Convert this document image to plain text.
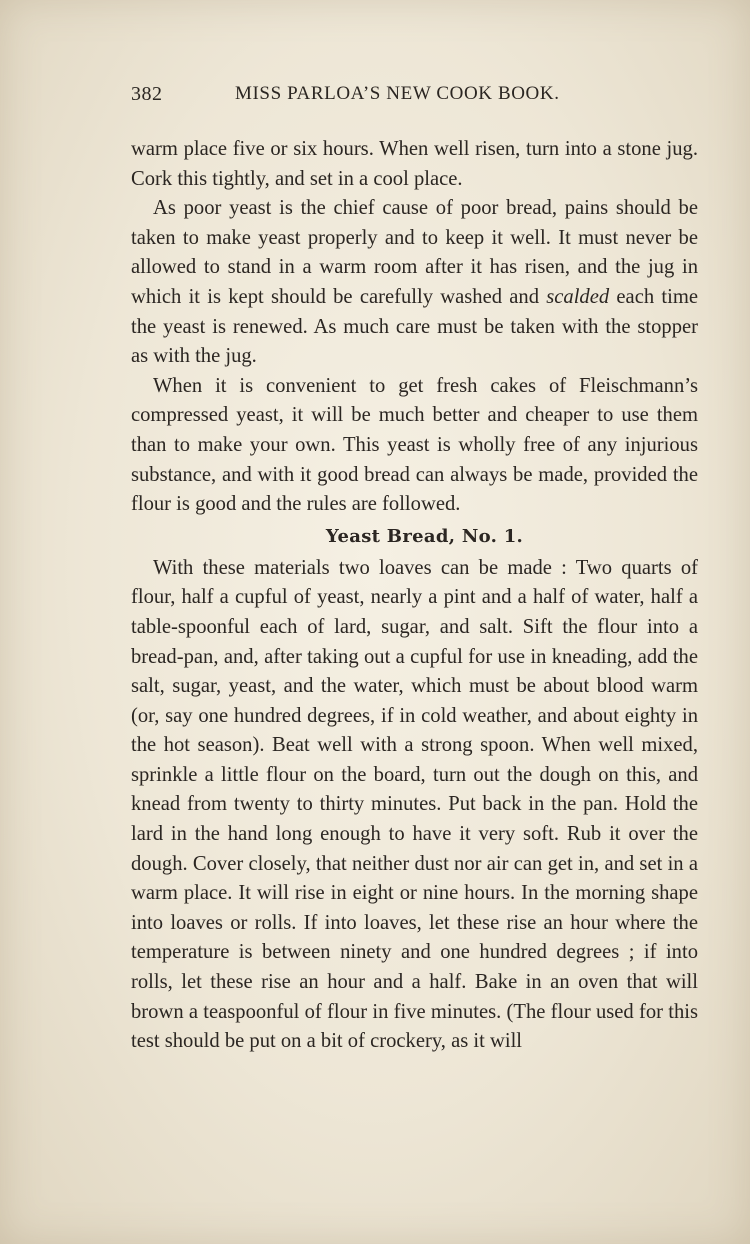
382	MISS PARLOA’S NEW COOK BOOK.

warm place five or six hours. When well risen, turn into a stone jug. Cork this tightly, and set in a cool place.

As poor yeast is the chief cause of poor bread, pains should be taken to make yeast properly and to keep it well. It must never be allowed to stand in a warm room after it has risen, and the jug in which it is kept should be carefully washed and scalded each time the yeast is renewed. As much care must be taken with the stopper as with the jug.

When it is convenient to get fresh cakes of Fleischmann’s compressed yeast, it will be much better and cheaper to use them than to make your own. This yeast is wholly free of any injurious substance, and with it good bread can always be made, provided the flour is good and the rules are followed.

Yeast Bread, No. 1.

With these materials two loaves can be made : Two quarts of flour, half a cupful of yeast, nearly a pint and a half of water, half a table-spoonful each of lard, sugar, and salt. Sift the flour into a bread-pan, and, after taking out a cupful for use in kneading, add the salt, sugar, yeast, and the water, which must be about blood warm (or, say one hundred degrees, if in cold weather, and about eighty in the hot season). Beat well with a strong spoon. When well mixed, sprinkle a little flour on the board, turn out the dough on this, and knead from twenty to thirty minutes. Put back in the pan. Hold the lard in the hand long enough to have it very soft. Rub it over the dough. Cover closely, that neither dust nor air can get in, and set in a warm place. It will rise in eight or nine hours. In the morning shape into loaves or rolls. If into loaves, let these rise an hour where the temperature is between ninety and one hundred degrees ; if into rolls, let these rise an hour and a half. Bake in an oven that will brown a teaspoonful of flour in five minutes. (The flour used for this test should be put on a bit of crockery, as it will
